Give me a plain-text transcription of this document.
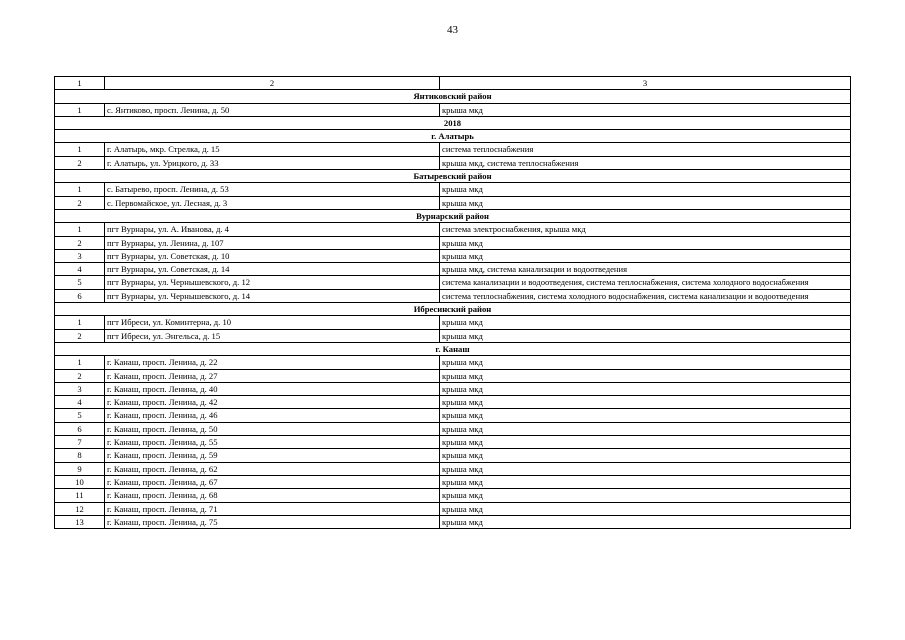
43
1	2	3
Янтиковский район		
1	с. Янтиково, просп. Ленина, д. 50	крыша мкд
2018		
г. Алатырь		
1	г. Алатырь, мкр. Стрелка, д. 15	система теплоснабжения
2	г. Алатырь, ул. Урицкого, д. 33	крыша мкд, система теплоснабжения
Батыревский район		
1	с. Батырево, просп. Ленина, д. 53	крыша мкд
2	с. Первомайское, ул. Лесная, д. 3	крыша мкд
Вурнарский район		
1	пгт Вурнары, ул. А. Иванова, д. 4	система электроснабжения, крыша мкд
2	пгт Вурнары, ул. Ленина, д. 107	крыша мкд
3	пгт Вурнары, ул. Советская, д. 10	крыша мкд
4	пгт Вурнары, ул. Советская, д. 14	крыша мкд, система канализации и водоотведения
5	пгт Вурнары, ул. Чернышевского, д. 12	система канализации и водоотведения, система теплоснабжения, система холодного водоснабжения
6	пгт Вурнары, ул. Чернышевского, д. 14	система теплоснабжения, система холодного водоснабжения, система канализации и водоотведения
Ибресинский район		
1	пгт Ибреси, ул. Коминтерна, д. 10	крыша мкд
2	пгт Ибреси, ул. Энгельса, д. 15	крыша мкд
г. Канаш		
1	г. Канаш, просп. Ленина, д. 22	крыша мкд
2	г. Канаш, просп. Ленина, д. 27	крыша мкд
3	г. Канаш, просп. Ленина, д. 40	крыша мкд
4	г. Канаш, просп. Ленина, д. 42	крыша мкд
5	г. Канаш, просп. Ленина, д. 46	крыша мкд
6	г. Канаш, просп. Ленина, д. 50	крыша мкд
7	г. Канаш, просп. Ленина, д. 55	крыша мкд
8	г. Канаш, просп. Ленина, д. 59	крыша мкд
9	г. Канаш, просп. Ленина, д. 62	крыша мкд
10	г. Канаш, просп. Ленина, д. 67	крыша мкд
11	г. Канаш, просп. Ленина, д. 68	крыша мкд
12	г. Канаш, просп. Ленина, д. 71	крыша мкд
13	г. Канаш, просп. Ленина, д. 75	крыша мкд
